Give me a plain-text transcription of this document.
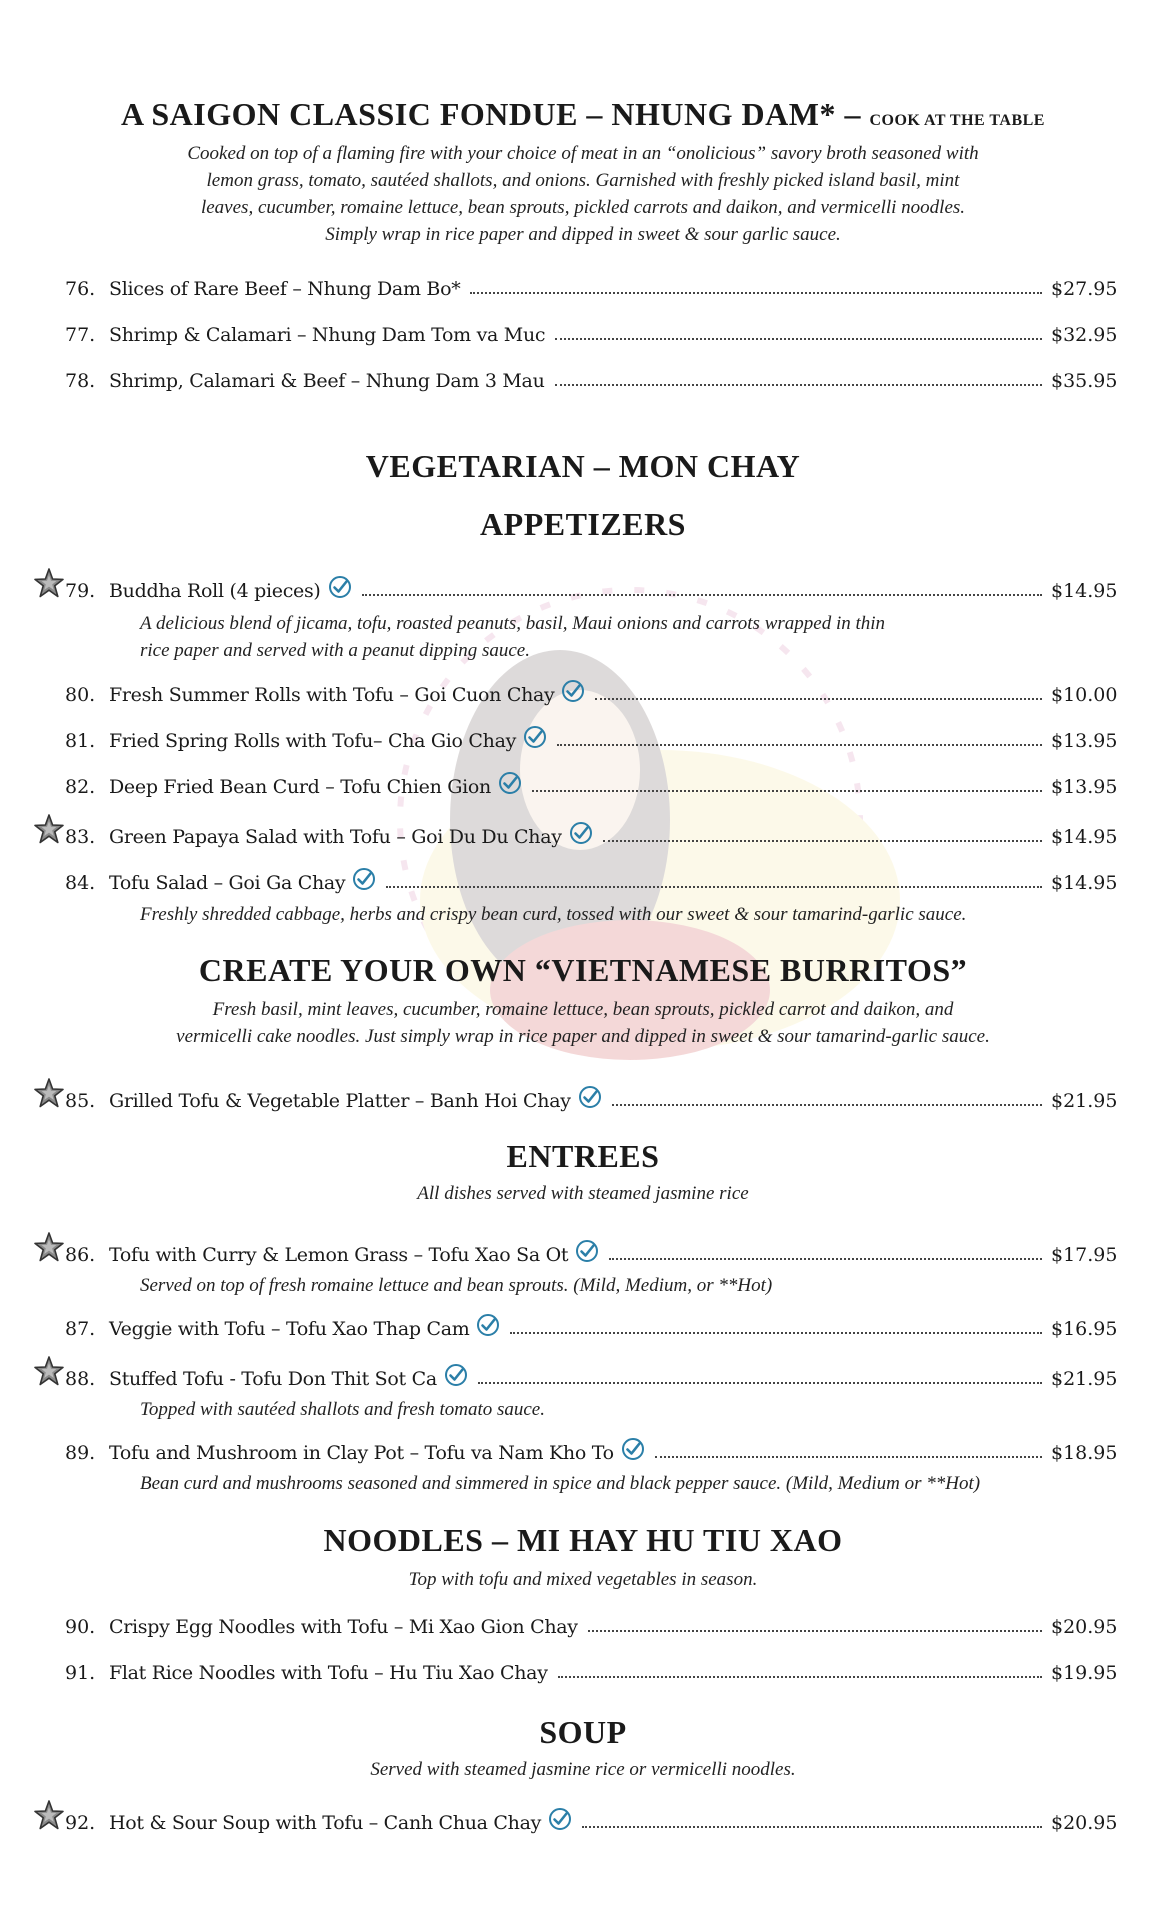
A SAIGON CLASSIC FONDUE – NHUNG DAM* – COOK AT THE TABLE
Cooked on top of a flaming fire with your choice of meat in an “onolicious” savory broth seasoned with
lemon grass, tomato, sautéed shallots, and onions. Garnished with freshly picked island basil, mint
leaves, cucumber, romaine lettuce, bean sprouts, pickled carrots and daikon, and vermicelli noodles.
Simply wrap in rice paper and dipped in sweet & sour garlic sauce.
76. Slices of Rare Beef – Nhung Dam Bo*	$27.95
77. Shrimp & Calamari – Nhung Dam Tom va Muc	$32.95
78. Shrimp, Calamari & Beef – Nhung Dam 3 Mau	$35.95
VEGETARIAN – MON CHAY
APPETIZERS
79. Buddha Roll (4 pieces)	$14.95
A delicious blend of jicama, tofu, roasted peanuts, basil, Maui onions and carrots wrapped in thin
rice paper and served with a peanut dipping sauce.
80. Fresh Summer Rolls with Tofu – Goi Cuon Chay	$10.00
81. Fried Spring Rolls with Tofu– Cha Gio Chay	$13.95
82. Deep Fried Bean Curd – Tofu Chien Gion	$13.95
83. Green Papaya Salad with Tofu – Goi Du Du Chay	$14.95
84. Tofu Salad – Goi Ga Chay	$14.95
Freshly shredded cabbage, herbs and crispy bean curd, tossed with our sweet & sour tamarind-garlic sauce.
CREATE YOUR OWN “VIETNAMESE BURRITOS”
Fresh basil, mint leaves, cucumber, romaine lettuce, bean sprouts, pickled carrot and daikon, and
vermicelli cake noodles. Just simply wrap in rice paper and dipped in sweet & sour tamarind-garlic sauce.
85. Grilled Tofu & Vegetable Platter – Banh Hoi Chay	$21.95
ENTREES
All dishes served with steamed jasmine rice
86. Tofu with Curry & Lemon Grass – Tofu Xao Sa Ot	$17.95
Served on top of fresh romaine lettuce and bean sprouts. (Mild, Medium, or **Hot)
87. Veggie with Tofu – Tofu Xao Thap Cam	$16.95
88. Stuffed Tofu - Tofu Don Thit Sot Ca	$21.95
Topped with sautéed shallots and fresh tomato sauce.
89. Tofu and Mushroom in Clay Pot – Tofu va Nam Kho To	$18.95
Bean curd and mushrooms seasoned and simmered in spice and black pepper sauce. (Mild, Medium or **Hot)
NOODLES – MI HAY HU TIU XAO
Top with tofu and mixed vegetables in season.
90. Crispy Egg Noodles with Tofu – Mi Xao Gion Chay	$20.95
91. Flat Rice Noodles with Tofu – Hu Tiu Xao Chay	$19.95
SOUP
Served with steamed jasmine rice or vermicelli noodles.
92. Hot & Sour Soup with Tofu – Canh Chua Chay	$20.95
